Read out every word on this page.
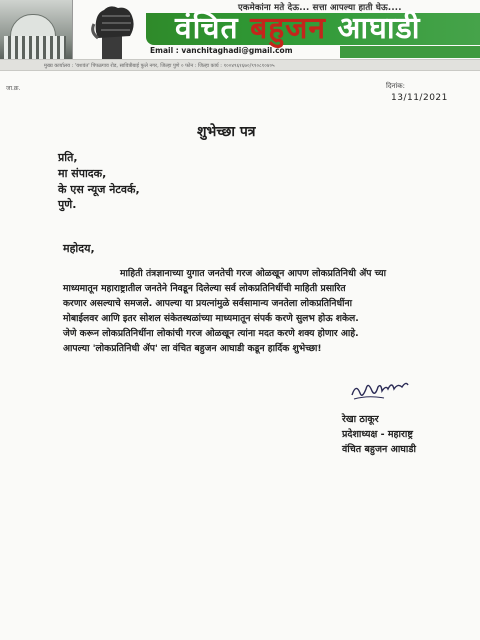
एकमेकांना मते देऊ... सत्ता आपल्या हाती घेऊ....
वंचित बहुजन आघाडी
Email : vanchitaghadi@gmail.com
मुख्य कार्यालय : 'यशवंत' पिंपळगाव रोड, सावित्रीबाई फुले नगर, जिल्हा पुणे ० फोन : जिल्हा कार्य : १००४९६१६७०/९९०८१०४०५
जा.क्र.	दिनांक:
13/11/2021
शुभेच्छा पत्र
प्रति,
मा संपादक,
के एस न्यूज नेटवर्क,
पुणे.
महोदय,
माहिती तंत्रज्ञानाच्या युगात जनतेची गरज ओळखून आपण लोकप्रतिनिधी ॲप च्या
माध्यमातून महाराष्ट्रातील जनतेने निवडून दिलेल्या सर्व लोकप्रतिनिधींची माहिती प्रसारित
करणार असल्याचे समजले. आपल्या या प्रयत्नांमुळे सर्वसामान्य जनतेला लोकप्रतिनिधींना
मोबाईलवर आणि इतर सोशल संकेतस्थळांच्या माध्यमातून संपर्क करणे सुलभ होऊ शकेल.
जेणे करून लोकप्रतिनिधींना लोकांची गरज ओळखून त्यांना मदत करणे शक्य होणार आहे.
आपल्या 'लोकप्रतिनिधी ॲप' ला वंचित बहुजन आघाडी कडून हार्दिक शुभेच्छा!
रेखा ठाकूर
प्रदेशाध्यक्ष - महाराष्ट्र
वंचित बहुजन आघाडी
